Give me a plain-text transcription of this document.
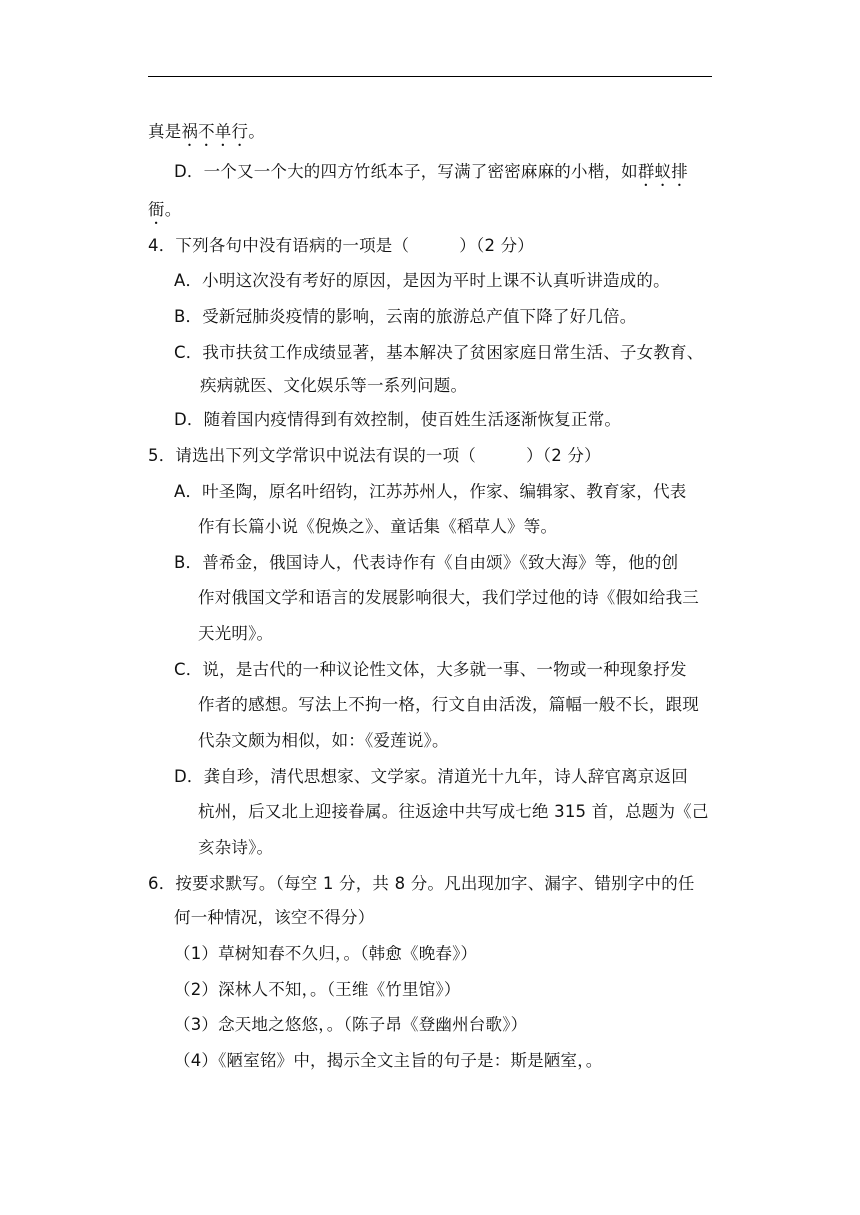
真是祸不单行。
D．一个又一个大的四方竹纸本子，写满了密密麻麻的小楷，如群蚁排
衙。
4．下列各句中没有语病的一项是（　　　）（2 分）
A．小明这次没有考好的原因，是因为平时上课不认真听讲造成的。
B．受新冠肺炎疫情的影响，云南的旅游总产值下降了好几倍。
C．我市扶贫工作成绩显著，基本解决了贫困家庭日常生活、子女教育、
疾病就医、文化娱乐等一系列问题。
D．随着国内疫情得到有效控制，使百姓生活逐渐恢复正常。
5．请选出下列文学常识中说法有误的一项（　　　）（2 分）
A．叶圣陶，原名叶绍钧，江苏苏州人，作家、编辑家、教育家，代表
作有长篇小说《倪焕之》、童话集《稻草人》等。
B．普希金，俄国诗人，代表诗作有《自由颂》《致大海》等，他的创
作对俄国文学和语言的发展影响很大，我们学过他的诗《假如给我三
天光明》。
C．说，是古代的一种议论性文体，大多就一事、一物或一种现象抒发
作者的感想。写法上不拘一格，行文自由活泼，篇幅一般不长，跟现
代杂文颇为相似，如：《爱莲说》。
D．龚自珍，清代思想家、文学家。清道光十九年，诗人辞官离京返回
杭州，后又北上迎接眷属。往返途中共写成七绝 315 首，总题为《己
亥杂诗》。
6．按要求默写。（每空 1 分，共 8 分。凡出现加字、漏字、错别字中的任
何一种情况，该空不得分）
（1）草树知春不久归，。（韩愈《晚春》）
（2）深林人不知，。（王维《竹里馆》）
（3）念天地之悠悠，。（陈子昂《登幽州台歌》）
（4）《陋室铭》中，揭示全文主旨的句子是：斯是陋室，。
